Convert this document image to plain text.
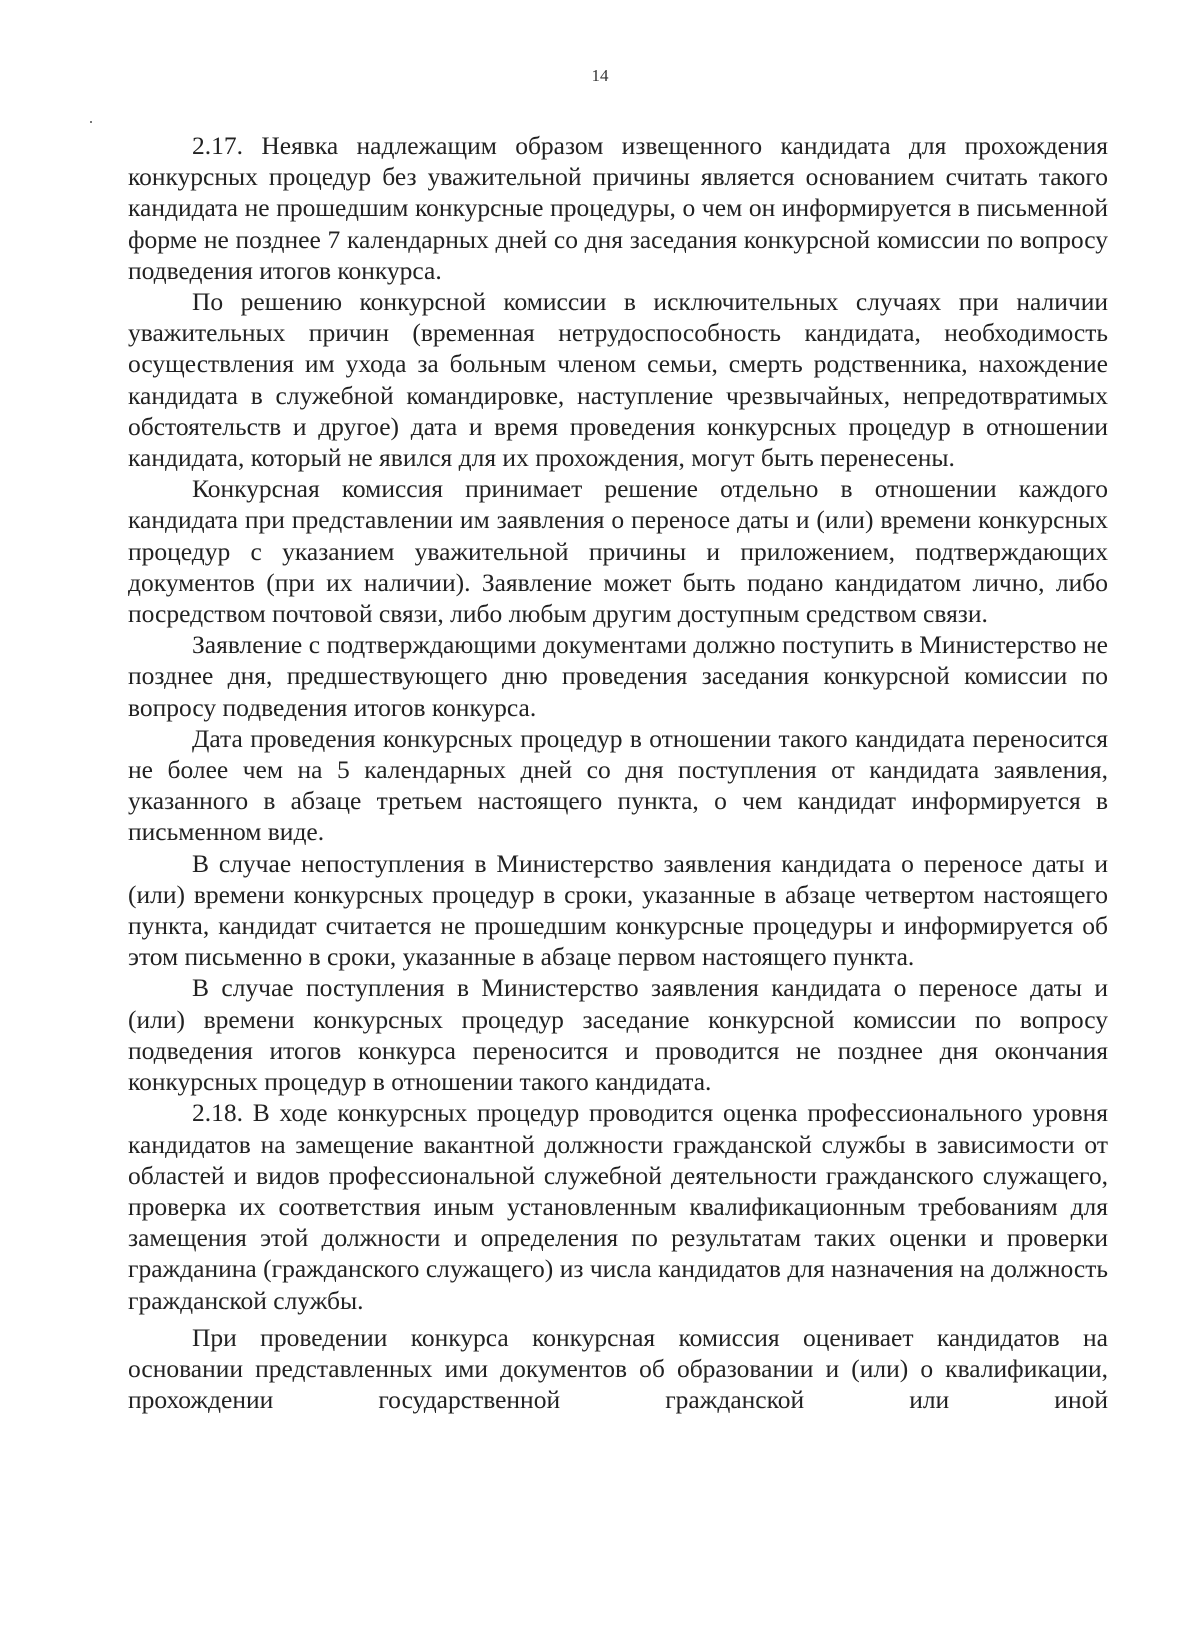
14

2.17. Неявка надлежащим образом извещенного кандидата для прохождения конкурсных процедур без уважительной причины является основанием считать такого кандидата не прошедшим конкурсные процедуры, о чем он информируется в письменной форме не позднее 7 календарных дней со дня заседания конкурсной комиссии по вопросу подведения итогов конкурса.

По решению конкурсной комиссии в исключительных случаях при наличии уважительных причин (временная нетрудоспособность кандидата, необходимость осуществления им ухода за больным членом семьи, смерть родственника, нахождение кандидата в служебной командировке, наступление чрезвычайных, непредотвратимых обстоятельств и другое) дата и время проведения конкурсных процедур в отношении кандидата, который не явился для их прохождения, могут быть перенесены.

Конкурсная комиссия принимает решение отдельно в отношении каждого кандидата при представлении им заявления о переносе даты и (или) времени конкурсных процедур с указанием уважительной причины и приложением, подтверждающих документов (при их наличии). Заявление может быть подано кандидатом лично, либо посредством почтовой связи, либо любым другим доступным средством связи.

Заявление с подтверждающими документами должно поступить в Министерство не позднее дня, предшествующего дню проведения заседания конкурсной комиссии по вопросу подведения итогов конкурса.

Дата проведения конкурсных процедур в отношении такого кандидата переносится не более чем на 5 календарных дней со дня поступления от кандидата заявления, указанного в абзаце третьем настоящего пункта, о чем кандидат информируется в письменном виде.

В случае непоступления в Министерство заявления кандидата о переносе даты и (или) времени конкурсных процедур в сроки, указанные в абзаце четвертом настоящего пункта, кандидат считается не прошедшим конкурсные процедуры и информируется об этом письменно в сроки, указанные в абзаце первом настоящего пункта.

В случае поступления в Министерство заявления кандидата о переносе даты и (или) времени конкурсных процедур заседание конкурсной комиссии по вопросу подведения итогов конкурса переносится и проводится не позднее дня окончания конкурсных процедур в отношении такого кандидата.

2.18. В ходе конкурсных процедур проводится оценка профессионального уровня кандидатов на замещение вакантной должности гражданской службы в зависимости от областей и видов профессиональной служебной деятельности гражданского служащего, проверка их соответствия иным установленным квалификационным требованиям для замещения этой должности и определения по результатам таких оценки и проверки гражданина (гражданского служащего) из числа кандидатов для назначения на должность гражданской службы.

При проведении конкурса конкурсная комиссия оценивает кандидатов на основании представленных ими документов об образовании и (или) о квалификации, прохождении государственной гражданской или иной
